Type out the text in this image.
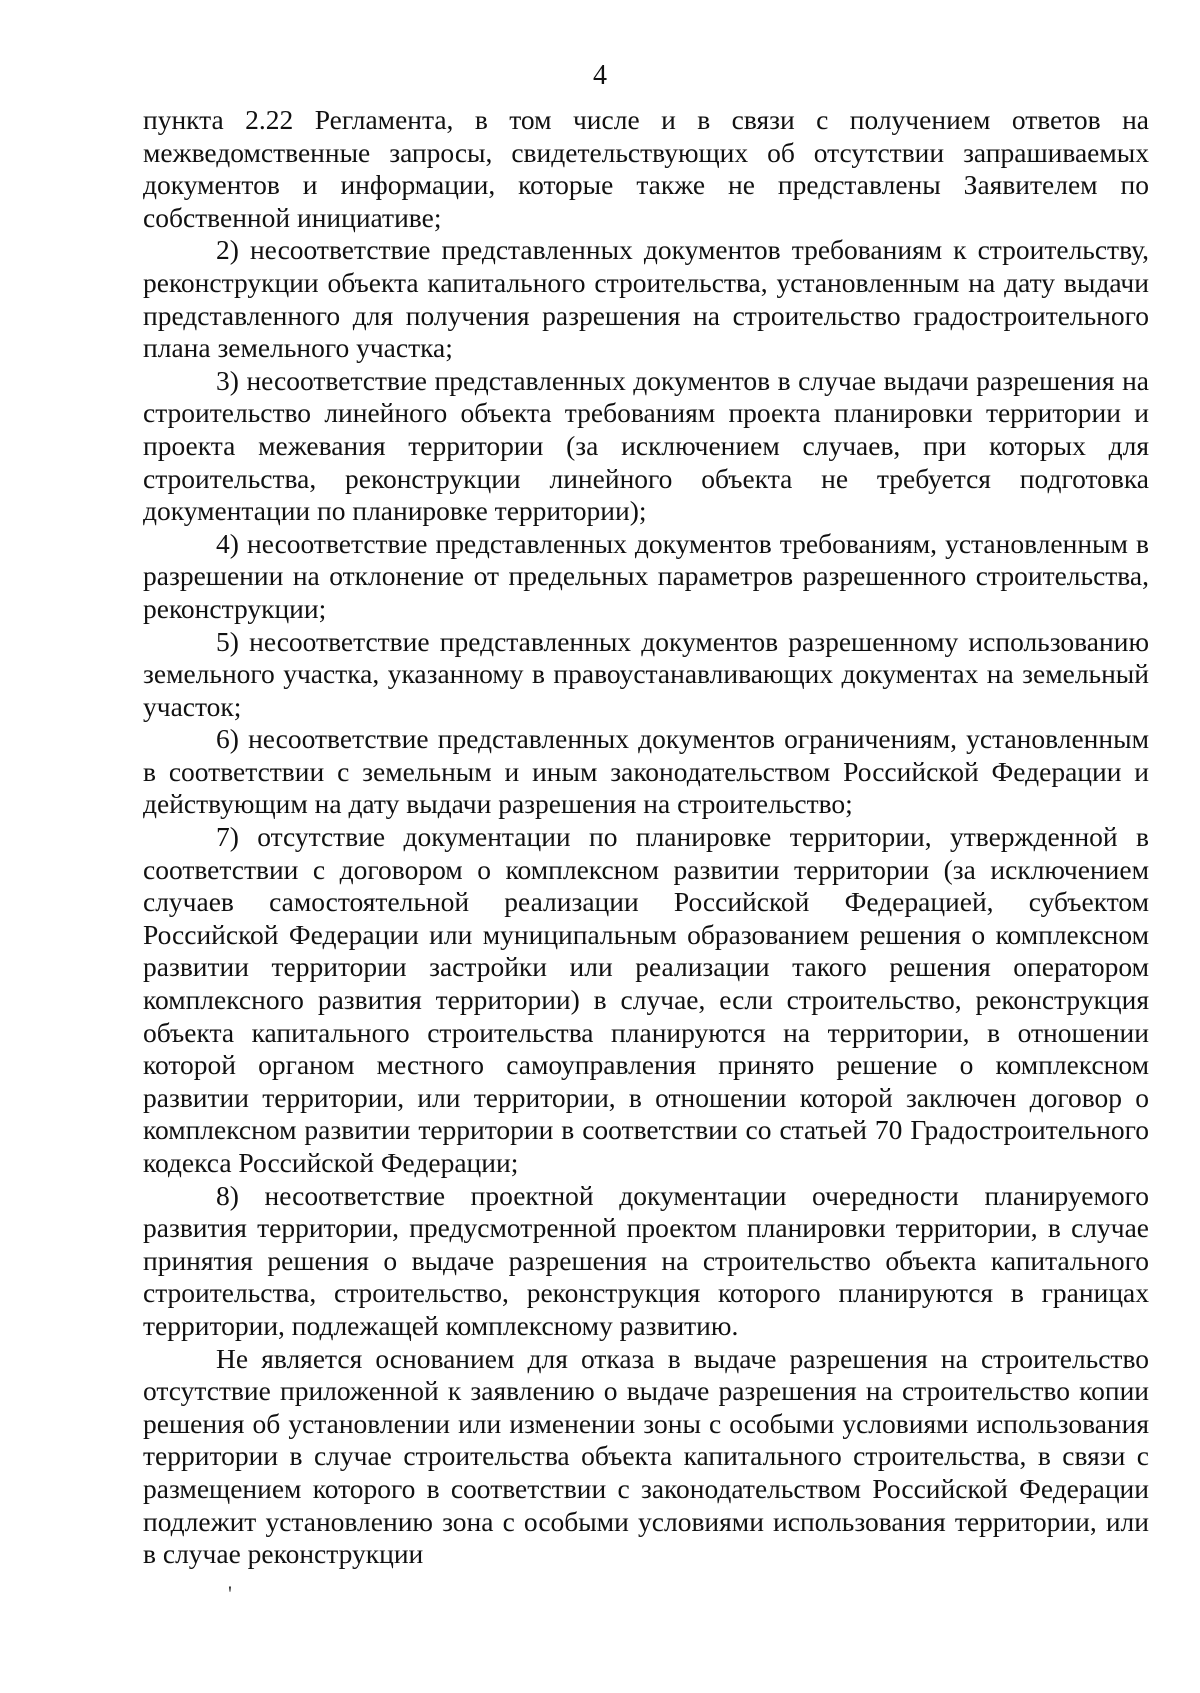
4

пункта 2.22 Регламента, в том числе и в связи с получением ответов на межведомственные запросы, свидетельствующих об отсутствии запрашиваемых документов и информации, которые также не представлены Заявителем по собственной инициативе;

2) несоответствие представленных документов требованиям к строительству, реконструкции объекта капитального строительства, установленным на дату выдачи представленного для получения разрешения на строительство градостроительного плана земельного участка;

3) несоответствие представленных документов в случае выдачи разрешения на строительство линейного объекта требованиям проекта планировки территории и проекта межевания территории (за исключением случаев, при которых для строительства, реконструкции линейного объекта не требуется подготовка документации по планировке территории);

4) несоответствие представленных документов требованиям, установленным в разрешении на отклонение от предельных параметров разрешенного строительства, реконструкции;

5) несоответствие представленных документов разрешенному использованию земельного участка, указанному в правоустанавливающих документах на земельный участок;

6) несоответствие представленных документов ограничениям, установленным в соответствии с земельным и иным законодательством Российской Федерации и действующим на дату выдачи разрешения на строительство;

7) отсутствие документации по планировке территории, утвержденной в соответствии с договором о комплексном развитии территории (за исключением случаев самостоятельной реализации Российской Федерацией, субъектом Российской Федерации или муниципальным образованием решения о комплексном развитии территории застройки или реализации такого решения оператором комплексного развития территории) в случае, если строительство, реконструкция объекта капитального строительства планируются на территории, в отношении которой органом местного самоуправления принято решение о комплексном развитии территории, или территории, в отношении которой заключен договор о комплексном развитии территории в соответствии со статьей 70 Градостроительного кодекса Российской Федерации;

8) несоответствие проектной документации очередности планируемого развития территории, предусмотренной проектом планировки территории, в случае принятия решения о выдаче разрешения на строительство объекта капитального строительства, строительство, реконструкция которого планируются в границах территории, подлежащей комплексному развитию.

Не является основанием для отказа в выдаче разрешения на строительство отсутствие приложенной к заявлению о выдаче разрешения на строительство копии решения об установлении или изменении зоны с особыми условиями использования территории в случае строительства объекта капитального строительства, в связи с размещением которого в соответствии с законодательством Российской Федерации подлежит установлению зона с особыми условиями использования территории, или в случае реконструкции

'
